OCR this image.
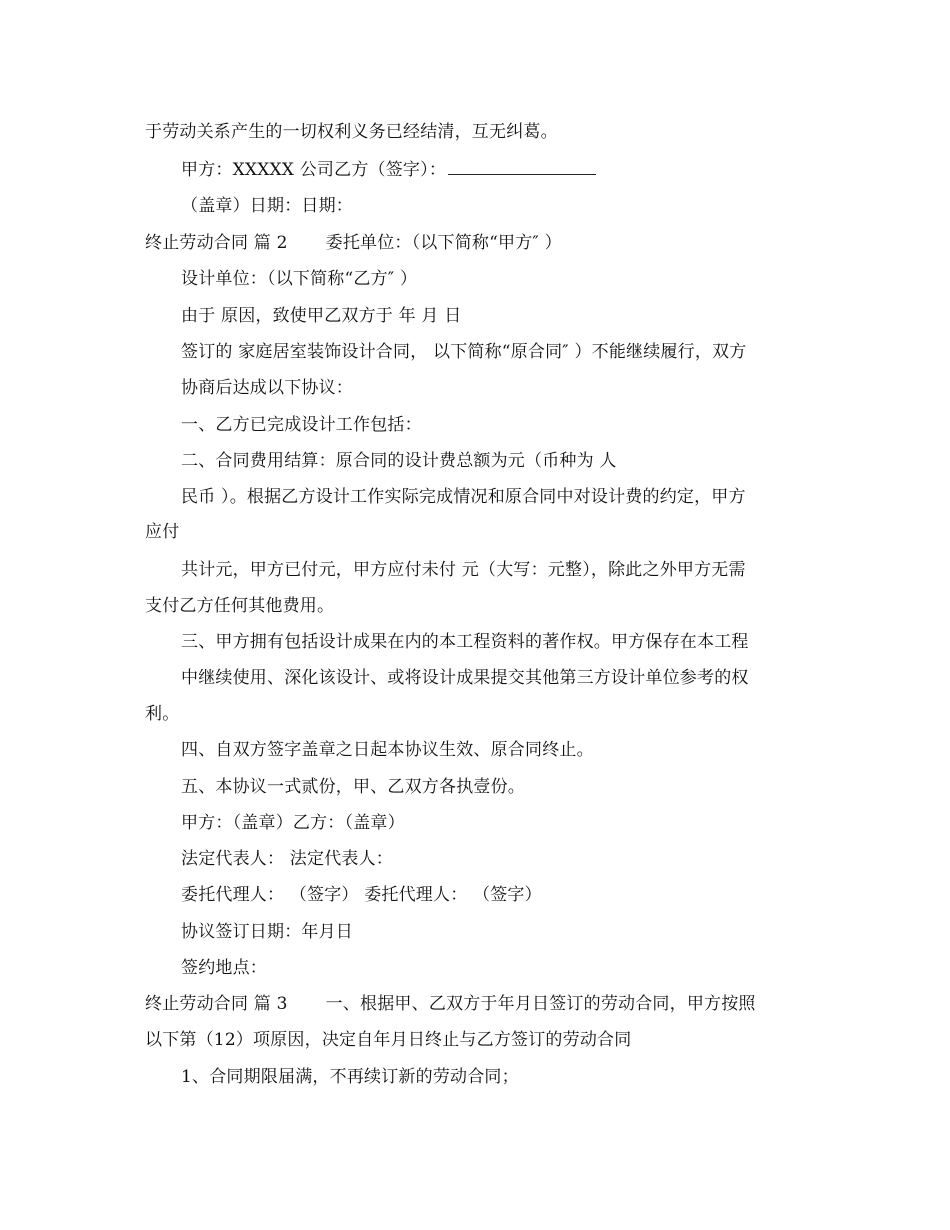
于劳动关系产生的一切权利义务已经结清，互无纠葛。
甲方：XXXXX 公司乙方（签字）：
（盖章）日期：日期：
终止劳动合同 篇 2 委托单位：（以下简称“甲方″ ）
设计单位：（以下简称“乙方″ ）
由于 原因，致使甲乙双方于 年 月 日
签订的 家庭居室装饰设计合同， 以下简称“原合同″ ）不能继续履行，双方
协商后达成以下协议：
一、乙方已完成设计工作包括：
二、合同费用结算：原合同的设计费总额为元（币种为 人
民币 ）。根据乙方设计工作实际完成情况和原合同中对设计费的约定，甲方
应付
共计元，甲方已付元，甲方应付未付 元（大写：元整），除此之外甲方无需
支付乙方任何其他费用。
三、甲方拥有包括设计成果在内的本工程资料的著作权。甲方保存在本工程
中继续使用、深化该设计、或将设计成果提交其他第三方设计单位参考的权
利。
四、自双方签字盖章之日起本协议生效、原合同终止。
五、本协议一式贰份，甲、乙双方各执壹份。
甲方：（盖章）乙方：（盖章）
法定代表人： 法定代表人：
委托代理人： （签字） 委托代理人： （签字）
协议签订日期：年月日
签约地点：
终止劳动合同 篇 3 一、根据甲、乙双方于年月日签订的劳动合同，甲方按照
以下第（12）项原因，决定自年月日终止与乙方签订的劳动合同
1、合同期限届满，不再续订新的劳动合同；
